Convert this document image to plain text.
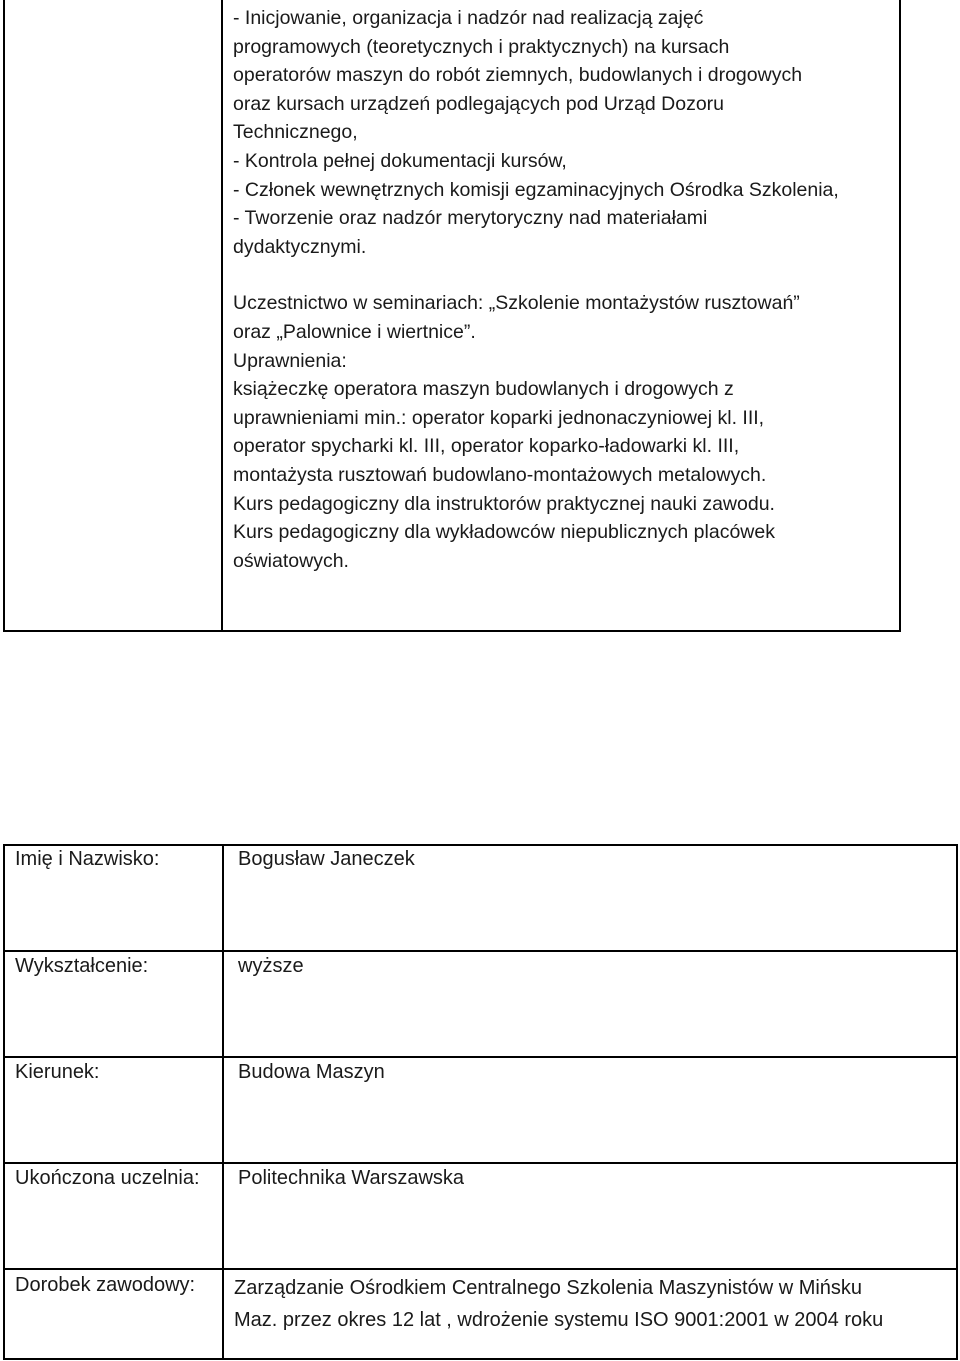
- Inicjowanie, organizacja i nadzór nad realizacją zajęć
programowych (teoretycznych i praktycznych) na kursach
operatorów maszyn do robót ziemnych, budowlanych i drogowych
oraz kursach urządzeń podlegających pod Urząd Dozoru
Technicznego,
- Kontrola pełnej dokumentacji kursów,
- Członek wewnętrznych komisji egzaminacyjnych Ośrodka Szkolenia,
- Tworzenie oraz nadzór merytoryczny nad materiałami
dydaktycznymi.
Uczestnictwo w seminariach: „Szkolenie montażystów rusztowań”
oraz „Palownice i wiertnice”.
Uprawnienia:
książeczkę operatora maszyn budowlanych i drogowych z
uprawnieniami min.: operator koparki jednonaczyniowej kl. III,
operator spycharki kl. III, operator koparko-ładowarki kl. III,
montażysta rusztowań budowlano-montażowych metalowych.
Kurs pedagogiczny dla instruktorów praktycznej nauki zawodu.
Kurs pedagogiczny dla wykładowców niepublicznych placówek
oświatowych.
Imię i Nazwisko:	Bogusław Janeczek
Wykształcenie:	wyższe
Kierunek:	Budowa Maszyn
Ukończona uczelnia: Politechnika Warszawska
Dorobek zawodowy: Zarządzanie Ośrodkiem Centralnego Szkolenia Maszynistów w Mińsku
Maz. przez okres 12 lat , wdrożenie systemu ISO 9001:2001 w 2004 roku
